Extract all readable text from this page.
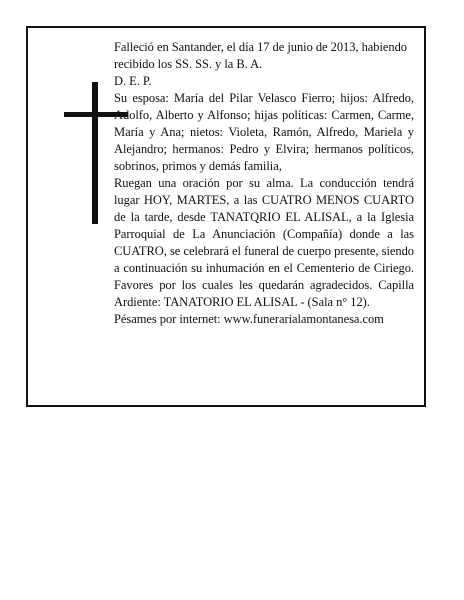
Falleció en Santander, el día 17 de junio de 2013, habiendo recibido los SS. SS. y la B. A.

D. E. P.

Su esposa: María del Pilar Velasco Fierro; hijos: Alfredo, Adolfo, Alberto y Alfonso; hijas políticas: Carmen, Carme, María y Ana; nietos: Violeta, Ramón, Alfredo, Mariela y Alejandro; hermanos: Pedro y Elvira; hermanos políticos, sobrinos, primos y demás familia,

Ruegan una oración por su alma. La conducción tendrá lugar HOY, MARTES, a las CUATRO MENOS CUARTO de la tarde, desde TANATQRIO EL ALISAL, a la Iglesia Parroquial de La Anunciación (Compañía) donde a las CUATRO, se celebrará el funeral de cuerpo presente, siendo a continuación su inhumación en el Cementerio de Ciriego. Favores por los cuales les quedarán agradecidos. Capilla Ardiente: TANATORIO EL ALISAL - (Sala n° 12).

Pésames por internet: www.funerarialamontanesa.com
